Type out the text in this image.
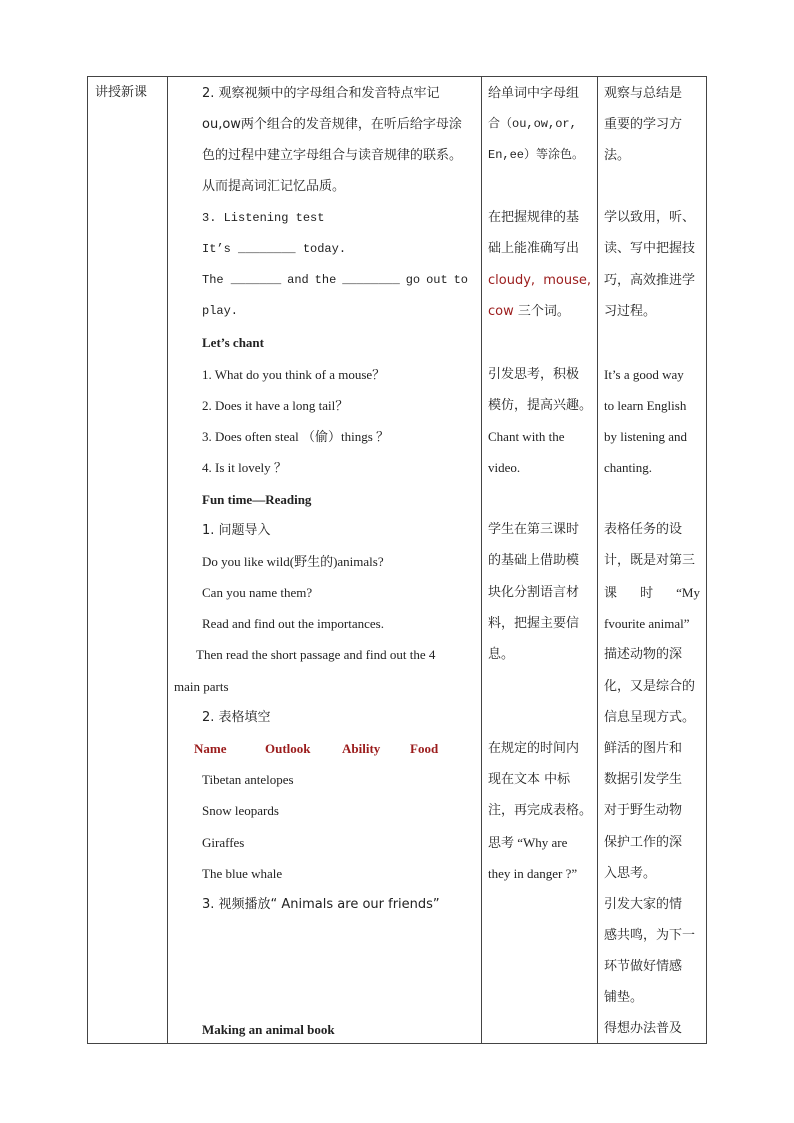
讲授新课	2. 观察视频中的字母组合和发音特点牢记
ou,ow两个组合的发音规律，在听后给字母涂
色的过程中建立字母组合与读音规律的联系。
从而提高词汇记忆品质。
3. Listening test
It’s ________ today.
The _______ and the ________ go out to
play.
Let’s chant
1. What do you think of a mouse？
2. Does it have a long tail？
3. Does often steal （偷）things ？
4. Is it lovely ？
Fun time—Reading
1. 问题导入
Do you like wild(野生的)animals?
Can you name them?
Read and find out the importances.
Then read the short passage and find out the 4
main parts
2. 表格填空
Name	Outlook Ability Food
Tibetan antelopes
Snow leopards
Giraffes
The blue whale
3. 视频播放“ Animals are our friends”
Making an animal book
给单词中字母组
合（ou,ow,or,
En,ee）等涂色。
在把握规律的基
础上能准确写出
cloudy, mouse,
cow 三个词。
引发思考，积极
模仿，提高兴趣。
Chant with the
video.
学生在第三课时
的基础上借助模
块化分割语言材
料，把握主要信
息。
在规定的时间内
现在文本 中标
注，再完成表格。
思考 “Why are
they in danger ?”
观察与总结是
重要的学习方
法。
学以致用，听、
读、写中把握技
巧，高效推进学
习过程。
It’s a good way
to learn English
by listening and
chanting.
表格任务的设
计，既是对第三
课 时 “My
fvourite animal”
描述动物的深
化，又是综合的
信息呈现方式。
鲜活的图片和
数据引发学生
对于野生动物
保护工作的深
入思考。
引发大家的情
感共鸣，为下一
环节做好情感
铺垫。
得想办法普及
